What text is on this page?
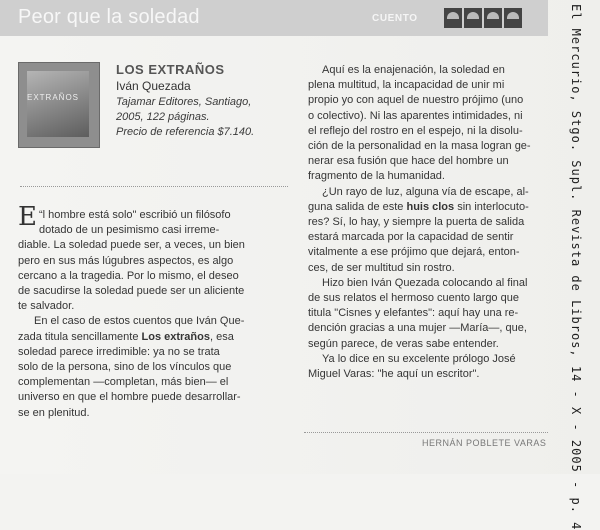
Peor que la soledad	CUENTO
EXTRAÑOS
LOS EXTRAÑOS
Iván Quezada
Tajamar Editores, Santiago,
2005, 122 páginas.
Precio de referencia $7.140.

“
E l hombre está solo" escribió un filósofo

dotado de un pesimismo casi irreme-

diable. La soledad puede ser, a veces, un bien

pero en sus más lúgubres aspectos, es algo

cercano a la tragedia. Por lo mismo, el deseo

de sacudirse la soledad puede ser un aliciente

te salvador.

En el caso de estos cuentos que Iván Que-

zada titula sencillamente Los extraños, esa

soledad parece irredimible: ya no se trata

solo de la persona, sino de los vínculos que

complementan —completan, más bien— el

universo en que el hombre puede desarrollar-

se en plenitud.

Aquí es la enajenación, la soledad en

plena multitud, la incapacidad de unir mi

propio yo con aquel de nuestro prójimo (uno

o colectivo). Ni las aparentes intimidades, ni

el reflejo del rostro en el espejo, ni la disolu-

ción de la personalidad en la masa logran ge-

nerar esa fusión que hace del hombre un

fragmento de la humanidad.

¿Un rayo de luz, alguna vía de escape, al-

guna salida de este huis clos sin interlocuto-

res? Sí, lo hay, y siempre la puerta de salida

estará marcada por la capacidad de sentir

vitalmente a ese prójimo que dejará, enton-

ces, de ser multitud sin rostro.

Hizo bien Iván Quezada colocando al final

de sus relatos el hermoso cuento largo que

titula "Cisnes y elefantes": aquí hay una re-

dención gracias a una mujer —María—, que,

según parece, de veras sabe entender.

Ya lo dice en su excelente prólogo José

Miguel Varas: "he aquí un escritor".

HERNÁN POBLETE VARAS El Mercurio, Stgo. Supl. Revista de Libros, 14 - X - 2005 - p. 4
